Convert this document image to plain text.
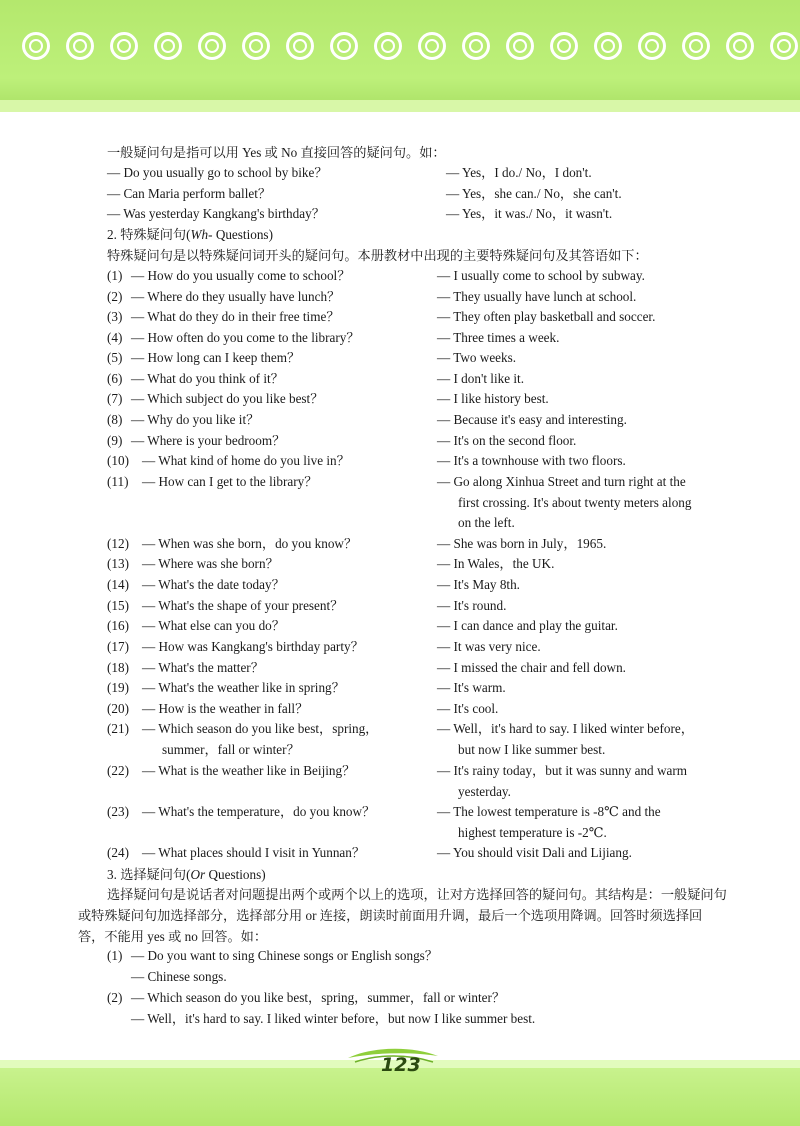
一般疑问句是指可以用 Yes 或 No 直接回答的疑问句。如：
— Do you usually go to school by bike？	— Yes，I do./ No，I don't.
— Can Maria perform ballet？	— Yes，she can./ No，she can't.
— Was yesterday Kangkang's birthday？	— Yes，it was./ No，it wasn't.
2. 特殊疑问句(Wh- Questions)
特殊疑问句是以特殊疑问词开头的疑问句。本册教材中出现的主要特殊疑问句及其答语如下：
(1) — How do you usually come to school？	— I usually come to school by subway.
(2) — Where do they usually have lunch？	— They usually have lunch at school.
(3) — What do they do in their free time？	— They often play basketball and soccer.
(4) — How often do you come to the library？	— Three times a week.
(5) — How long can I keep them？	— Two weeks.
(6) — What do you think of it？	— I don't like it.
(7) — Which subject do you like best？	— I like history best.
(8) — Why do you like it？	— Because it's easy and interesting.
(9) — Where is your bedroom？	— It's on the second floor.
(10) — What kind of home do you live in？	— It's a townhouse with two floors.
(11) — How can I get to the library？	— Go along Xinhua Street and turn right at the
first crossing. It's about twenty meters along
on the left.
(12) — When was she born，do you know？	— She was born in July，1965.
(13) — Where was she born？	— In Wales，the UK.
(14) — What's the date today？	— It's May 8th.
(15) — What's the shape of your present？	— It's round.
(16) — What else can you do？	— I can dance and play the guitar.
(17) — How was Kangkang's birthday party？	— It was very nice.
(18) — What's the matter？	— I missed the chair and fell down.
(19) — What's the weather like in spring？	— It's warm.
(20) — How is the weather in fall？	— It's cool.
(21) — Which season do you like best，spring，
summer，fall or winter？
— Well，it's hard to say. I liked winter before，
but now I like summer best.
(22) — What is the weather like in Beijing？	— It's rainy today，but it was sunny and warm
yesterday.
(23) — What's the temperature，do you know？	— The lowest temperature is -8℃ and the
highest temperature is -2℃.
(24) — What places should I visit in Yunnan？	— You should visit Dali and Lijiang.
3. 选择疑问句(Or Questions)
选择疑问句是说话者对问题提出两个或两个以上的选项，让对方选择回答的疑问句。其结构是：一般疑问句或特殊疑问句加选择部分，选择部分用 or 连接，朗读时前面用升调，最后一个选项用降调。回答时须选择回答，不能用 yes 或 no 回答。如：
(1) — Do you want to sing Chinese songs or English songs？
— Chinese songs.
(2) — Which season do you like best，spring，summer，fall or winter？
— Well，it's hard to say. I liked winter before，but now I like summer best.
123
